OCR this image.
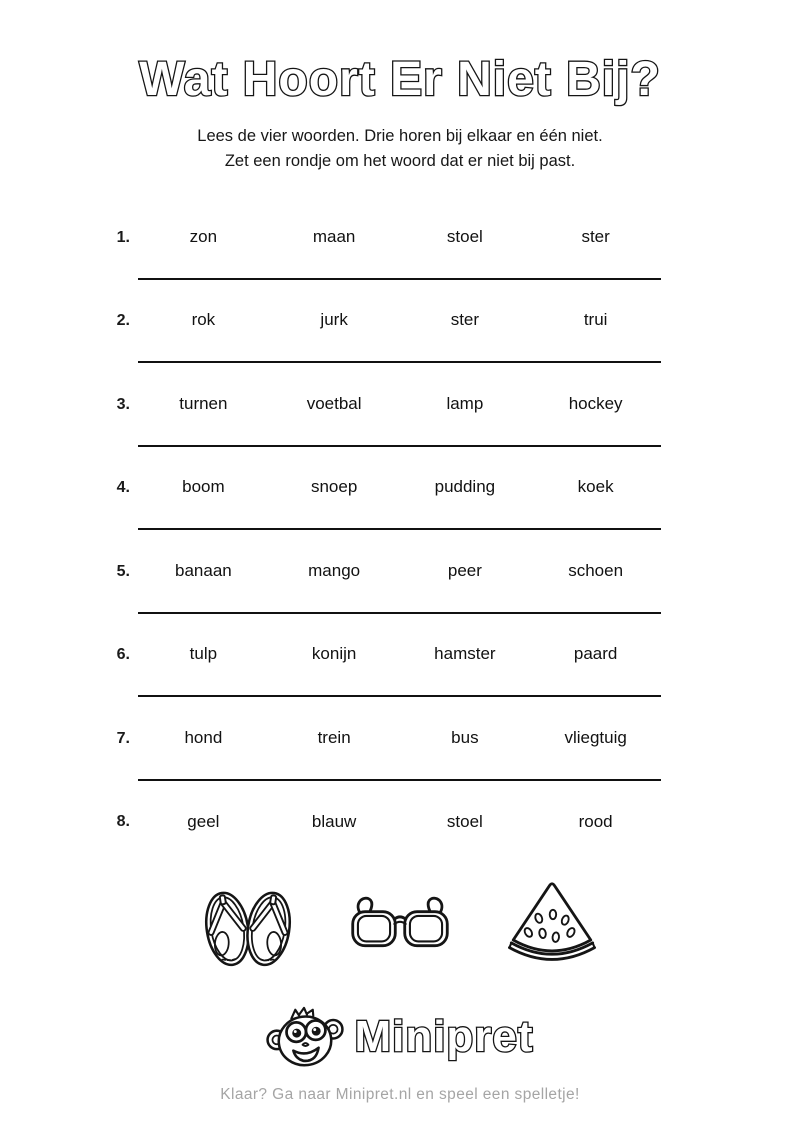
Wat Hoort Er Niet Bij?
Lees de vier woorden. Drie horen bij elkaar en één niet.
Zet een rondje om het woord dat er niet bij past.
1.	zon	maan	stoel	ster
2.	rok	jurk	ster	trui
3.	turnen	voetbal	lamp	hockey
4.	boom	snoep	pudding	koek
5.	banaan	mango	peer	schoen
6.	tulp	konijn	hamster	paard
7.	hond	trein	bus	vliegtuig
8.	geel	blauw	stoel	rood
Minipret
Klaar? Ga naar Minipret.nl en speel een spelletje!
